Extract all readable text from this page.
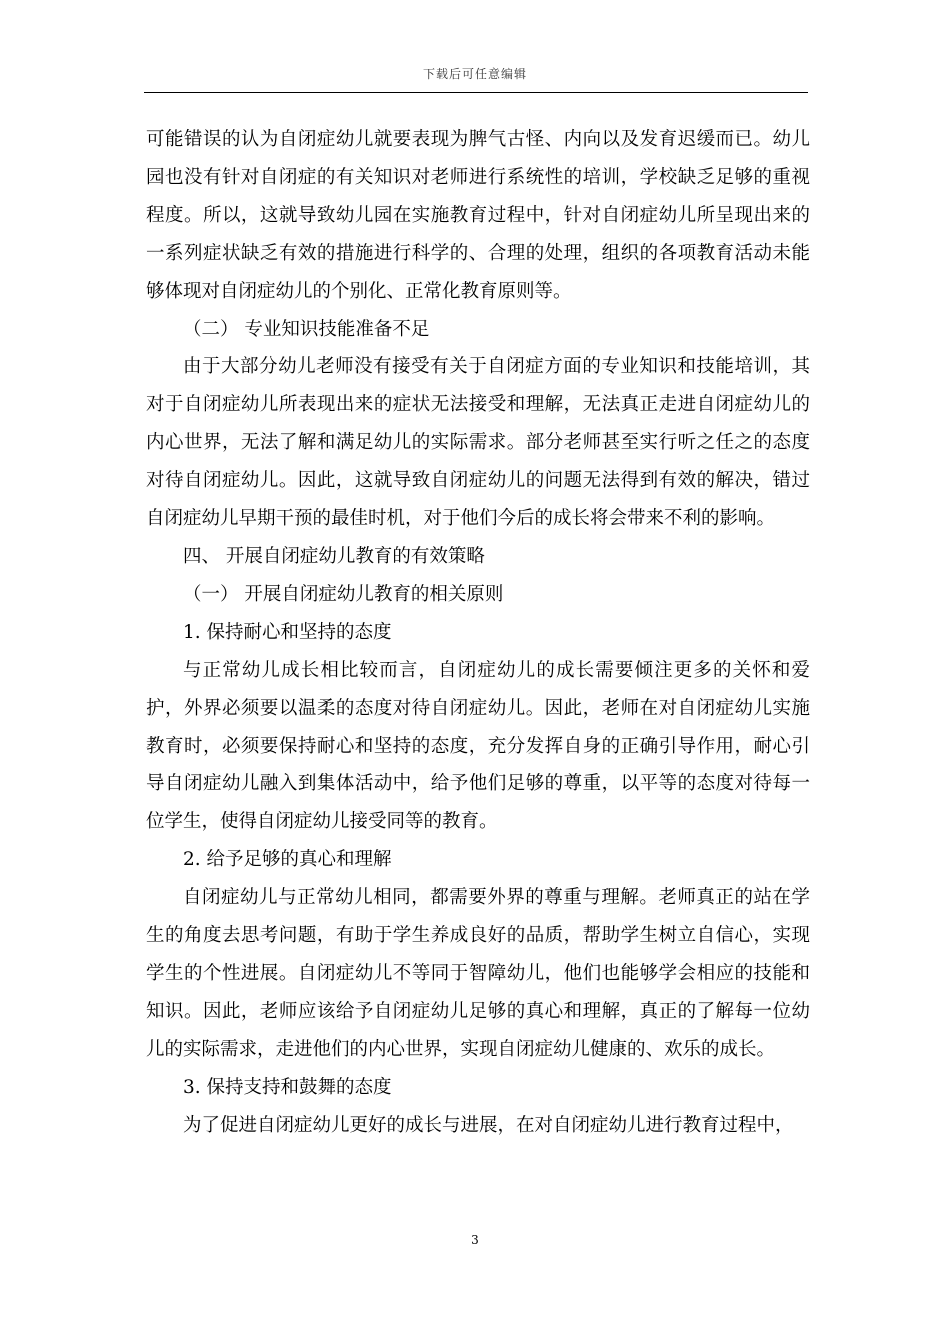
下载后可任意编辑

可能错误的认为自闭症幼儿就要表现为脾气古怪、内向以及发育迟缓而已。幼儿园也没有针对自闭症的有关知识对老师进行系统性的培训，学校缺乏足够的重视程度。所以，这就导致幼儿园在实施教育过程中，针对自闭症幼儿所呈现出来的一系列症状缺乏有效的措施进行科学的、合理的处理，组织的各项教育活动未能够体现对自闭症幼儿的个别化、正常化教育原则等。

（二） 专业知识技能准备不足

由于大部分幼儿老师没有接受有关于自闭症方面的专业知识和技能培训，其对于自闭症幼儿所表现出来的症状无法接受和理解，无法真正走进自闭症幼儿的内心世界，无法了解和满足幼儿的实际需求。部分老师甚至实行听之任之的态度对待自闭症幼儿。因此，这就导致自闭症幼儿的问题无法得到有效的解决，错过自闭症幼儿早期干预的最佳时机，对于他们今后的成长将会带来不利的影响。

四、 开展自闭症幼儿教育的有效策略

（一） 开展自闭症幼儿教育的相关原则

1. 保持耐心和坚持的态度

与正常幼儿成长相比较而言，自闭症幼儿的成长需要倾注更多的关怀和爱护，外界必须要以温柔的态度对待自闭症幼儿。因此，老师在对自闭症幼儿实施教育时，必须要保持耐心和坚持的态度，充分发挥自身的正确引导作用，耐心引导自闭症幼儿融入到集体活动中，给予他们足够的尊重，以平等的态度对待每一位学生，使得自闭症幼儿接受同等的教育。

2. 给予足够的真心和理解

自闭症幼儿与正常幼儿相同，都需要外界的尊重与理解。老师真正的站在学生的角度去思考问题，有助于学生养成良好的品质，帮助学生树立自信心，实现学生的个性进展。自闭症幼儿不等同于智障幼儿，他们也能够学会相应的技能和知识。因此，老师应该给予自闭症幼儿足够的真心和理解，真正的了解每一位幼儿的实际需求，走进他们的内心世界，实现自闭症幼儿健康的、欢乐的成长。

3. 保持支持和鼓舞的态度

为了促进自闭症幼儿更好的成长与进展，在对自闭症幼儿进行教育过程中，

3
